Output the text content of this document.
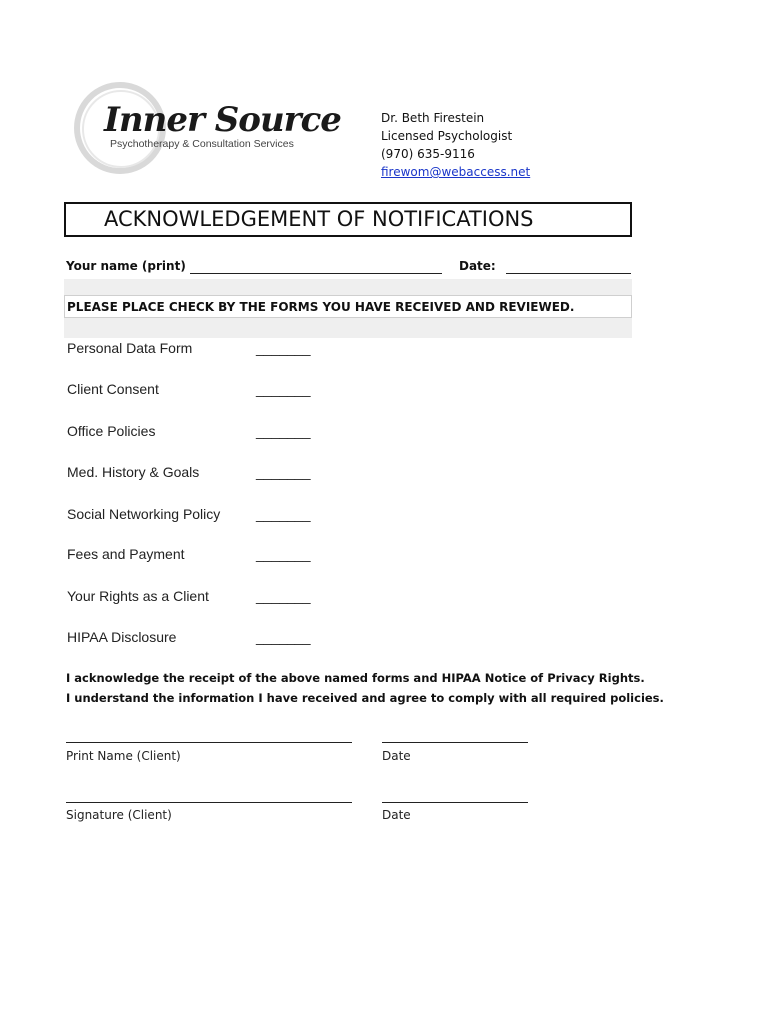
Inner Source
Psychotherapy & Consultation Services
Dr. Beth Firestein
Licensed Psychologist
(970) 635-9116
firewom@webaccess.net
ACKNOWLEDGEMENT OF NOTIFICATIONS
Your name (print)	Date:
PLEASE PLACE CHECK BY THE FORMS YOU HAVE RECEIVED AND REVIEWED.
Personal Data Form	_______
Client Consent	_______
Office Policies	_______
Med. History & Goals	_______
Social Networking Policy	_______
Fees and Payment	_______
Your Rights as a Client	_______
HIPAA Disclosure	_______
I acknowledge the receipt of the above named forms and HIPAA Notice of Privacy Rights.
I understand the information I have received and agree to comply with all required policies.
Print Name (Client)	Date
Signature (Client)	Date
